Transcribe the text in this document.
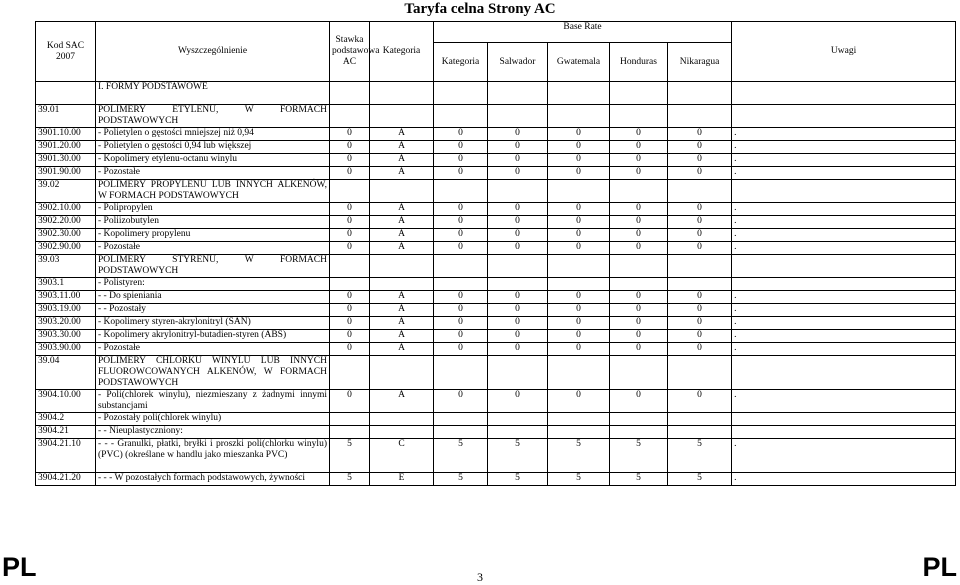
Taryfa celna Strony AC
Kod SAC 2007	Wyszczególnienie	Stawka podstawowa AC	Kategoria	Base Rate					Uwagi
				Kategoria	Salwador	Gwatemala	Honduras	Nikaragua	
	I. FORMY PODSTAWOWE								
39.01	POLIMERY ETYLENU, W FORMACH PODSTAWOWYCH								
3901.10.00	- Polietylen o gęstości mniejszej niż 0,94	0	A	0	0	0	0	0	.
3901.20.00	- Polietylen o gęstości 0,94 lub większej	0	A	0	0	0	0	0	.
3901.30.00	- Kopolimery etylenu-octanu winylu	0	A	0	0	0	0	0	.
3901.90.00	- Pozostałe	0	A	0	0	0	0	0	.
39.02	POLIMERY PROPYLENU LUB INNYCH ALKENÓW, W FORMACH PODSTAWOWYCH								
3902.10.00	- Polipropylen	0	A	0	0	0	0	0	.
3902.20.00	- Poliizobutylen	0	A	0	0	0	0	0	.
3902.30.00	- Kopolimery propylenu	0	A	0	0	0	0	0	.
3902.90.00	- Pozostałe	0	A	0	0	0	0	0	.
39.03	POLIMERY STYRENU, W FORMACH PODSTAWOWYCH								
3903.1	- Polistyren:								
3903.11.00	- - Do spieniania	0	A	0	0	0	0	0	.
3903.19.00	- - Pozostały	0	A	0	0	0	0	0	.
3903.20.00	- Kopolimery styren-akrylonitryl (SAN)	0	A	0	0	0	0	0	.
3903.30.00	- Kopolimery akrylonitryl-butadien-styren (ABS)	0	A	0	0	0	0	0	.
3903.90.00	- Pozostałe	0	A	0	0	0	0	0	.
39.04	POLIMERY CHLORKU WINYLU LUB INNYCH FLUOROWCOWANYCH ALKENÓW, W FORMACH PODSTAWOWYCH								
3904.10.00	- Poli(chlorek winylu), niezmieszany z żadnymi innymi substancjami	0	A	0	0	0	0	0	.
3904.2	- Pozostały poli(chlorek winylu)								
3904.21	- - Nieuplastyczniony:								
3904.21.10	- - - Granulki, płatki, bryłki i proszki poli(chlorku winylu) (PVC) (określane w handlu jako mieszanka PVC)	5	C	5	5	5	5	5	.
3904.21.20	- - - W pozostałych formach podstawowych, żywności	5	E	5	5	5	5	5	.
PL	3	PL
